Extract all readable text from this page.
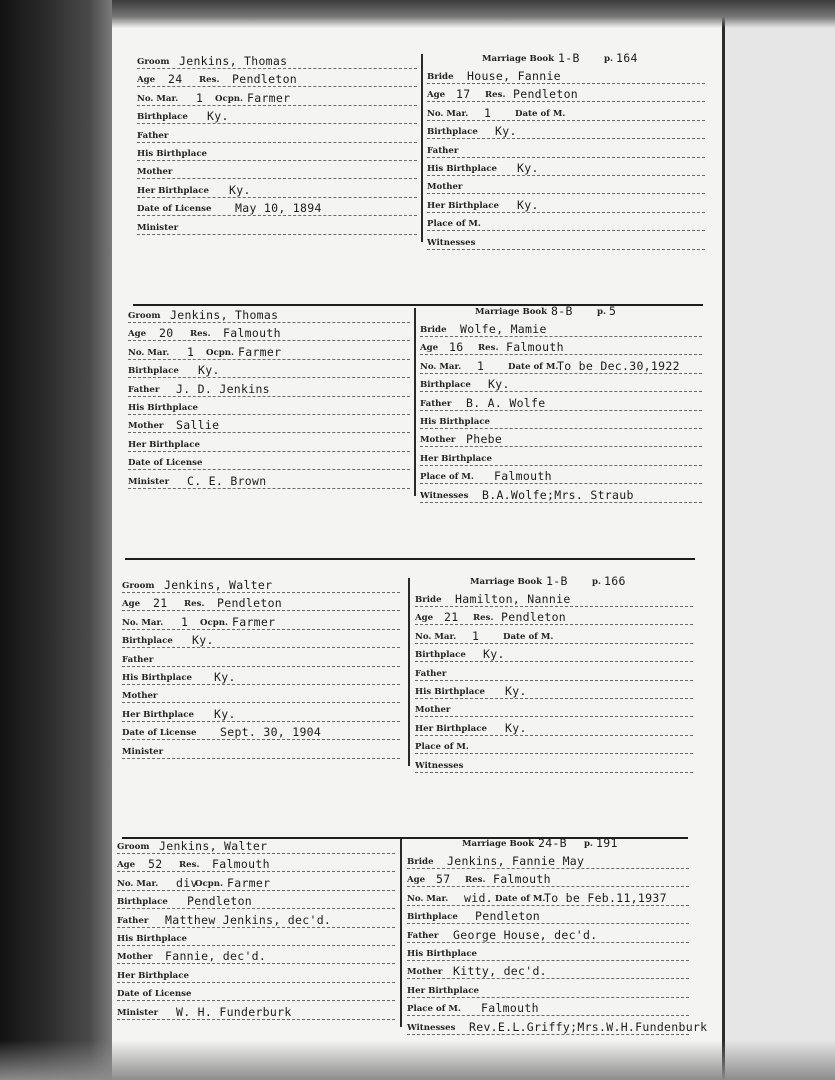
Groom Jenkins, Thomas
Age 24 Res. Pendleton
No. Mar. 1 Ocpn. Farmer
Birthplace Ky.
Father
His Birthplace
Mother
Her Birthplace Ky.
Date of License May 10, 1894
Minister
Marriage Book 1-B	p. 164
Bride House, Fannie
Age 17 Res. Pendleton
No. Mar. 1	Date of M.
Birthplace Ky.
Father
His Birthplace Ky.
Mother
Her Birthplace Ky.
Place of M.
Witnesses
Groom Jenkins, Thomas
Age 20 Res. Falmouth
No. Mar. 1 Ocpn. Farmer
Birthplace Ky.
Father J. D. Jenkins
His Birthplace
Mother Sallie
Her Birthplace
Date of License
Minister C. E. Brown
Marriage Book 8-B	p. 5
Bride Wolfe, Mamie
Age 16 Res. Falmouth
No. Mar. 1	Date of M.
To be Dec.30,1922
Birthplace Ky.
Father B. A. Wolfe
His Birthplace
Mother Phebe
Her Birthplace
Place of M. Falmouth
Witnesses B.A.Wolfe;Mrs. Straub
Groom Jenkins, Walter
Age 21 Res. Pendleton
No. Mar. 1 Ocpn. Farmer
Birthplace Ky.
Father
His Birthplace Ky.
Mother
Her Birthplace Ky.
Date of License Sept. 30, 1904
Minister
Marriage Book 1-B	p. 166
Bride Hamilton, Nannie
Age 21 Res. Pendleton
No. Mar. 1	Date of M.
Birthplace Ky.
Father
His Birthplace Ky.
Mother
Her Birthplace Ky.
Place of M.
Witnesses
Groom Jenkins, Walter
Age 52 Res. Falmouth
No. Mar. div
Ocpn. Farmer
Birthplace Pendleton
Father Matthew Jenkins, dec'd.
His Birthplace
Mother Fannie, dec'd.
Her Birthplace
Date of License
Minister W. H. Funderburk
Marriage Book 24-B p. 191
Bride Jenkins, Fannie May
Age 57 Res. Falmouth
No. Mar. wid. Date of M.
To be Feb.11,1937
Birthplace Pendleton
Father George House, dec'd.
His Birthplace
Mother Kitty, dec'd.
Her Birthplace
Place of M. Falmouth
Witnesses Rev.E.L.Griffy;Mrs.W.H.Fundenburk
